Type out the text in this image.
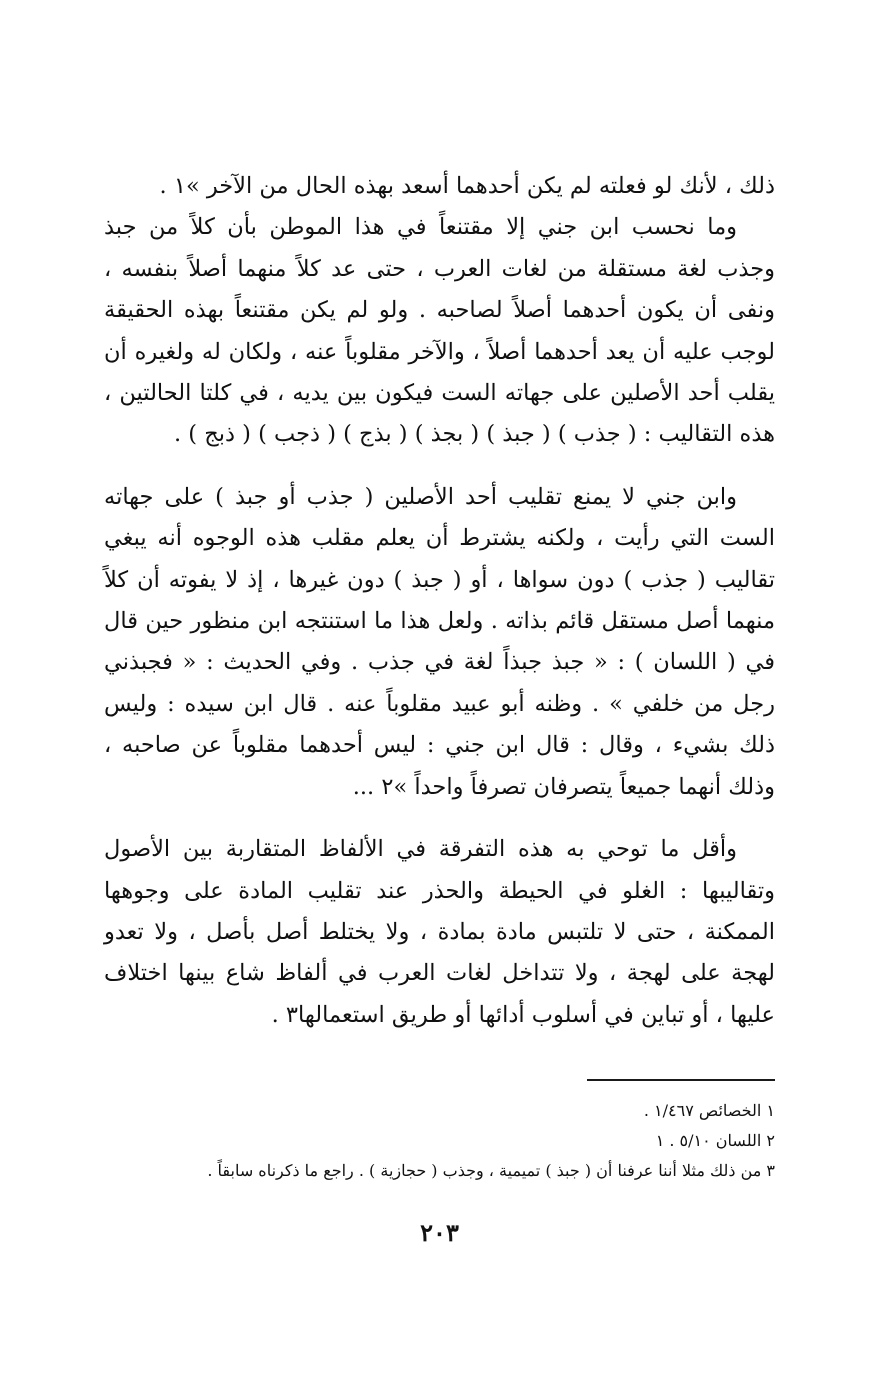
ذلك ، لأنك لو فعلته لم يكن أحدهما أسعد بهذه الحال من الآخر »١ .

وما نحسب ابن جني إلا مقتنعاً في هذا الموطن بأن كلاً من جبذ وجذب لغة مستقلة من لغات العرب ، حتى عد كلاً منهما أصلاً بنفسه ، ونفى أن يكون أحدهما أصلاً لصاحبه . ولو لم يكن مقتنعاً بهذه الحقيقة لوجب عليه أن يعد أحدهما أصلاً ، والآخر مقلوباً عنه ، ولكان له ولغيره أن يقلب أحد الأصلين على جهاته الست فيكون بين يديه ، في كلتا الحالتين ، هذه التقاليب : ( جذب ) ( جبذ ) ( بجذ ) ( بذج ) ( ذجب ) ( ذبج ) .

وابن جني لا يمنع تقليب أحد الأصلين ( جذب أو جبذ ) على جهاته الست التي رأيت ، ولكنه يشترط أن يعلم مقلب هذه الوجوه أنه يبغي تقاليب ( جذب ) دون سواها ، أو ( جبذ ) دون غيرها ، إذ لا يفوته أن كلاً منهما أصل مستقل قائم بذاته . ولعل هذا ما استنتجه ابن منظور حين قال في ( اللسان ) : « جبذ جبذاً لغة في جذب . وفي الحديث : « فجبذني رجل من خلفي » . وظنه أبو عبيد مقلوباً عنه . قال ابن سيده : وليس ذلك بشيء ، وقال : قال ابن جني : ليس أحدهما مقلوباً عن صاحبه ، وذلك أنهما جميعاً يتصرفان تصرفاً واحداً »٢ ...

وأقل ما توحي به هذه التفرقة في الألفاظ المتقاربة بين الأصول وتقاليبها : الغلو في الحيطة والحذر عند تقليب المادة على وجوهها الممكنة ، حتى لا تلتبس مادة بمادة ، ولا يختلط أصل بأصل ، ولا تعدو لهجة على لهجة ، ولا تتداخل لغات العرب في ألفاظ شاع بينها اختلاف عليها ، أو تباين في أسلوب أدائها أو طريق استعمالها٣ .

١ الخصائص ١/٤٦٧ .

٢ اللسان ٥/١٠ . ١

٣ من ذلك مثلا أننا عرفنا أن ( جبذ ) تميمية ، وجذب ( حجازية ) . راجع ما ذكرناه سابقاً .

٢٠٣
